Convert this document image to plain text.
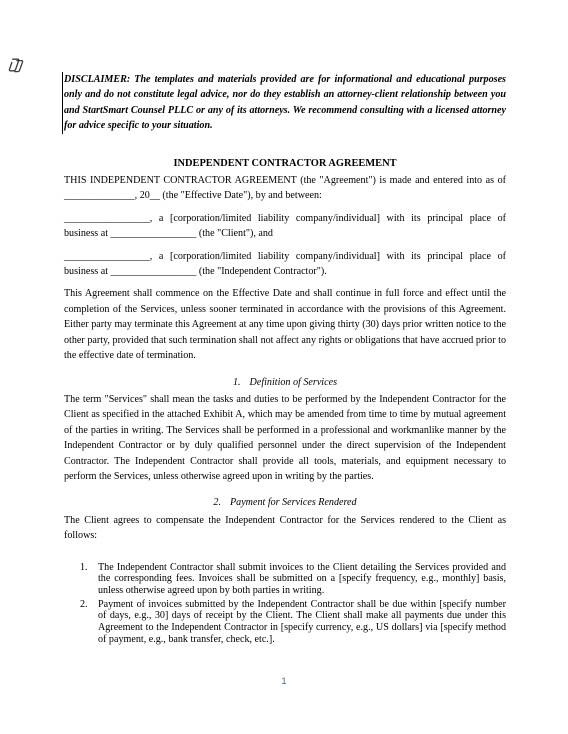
DISCLAIMER: The templates and materials provided are for informational and educational purposes only and do not constitute legal advice, nor do they establish an attorney-client relationship between you and StartSmart Counsel PLLC or any of its attorneys. We recommend consulting with a licensed attorney for advice specific to your situation.

INDEPENDENT CONTRACTOR AGREEMENT

THIS INDEPENDENT CONTRACTOR AGREEMENT (the "Agreement") is made and entered into as of ______________, 20__ (the "Effective Date"), by and between:

_________________, a [corporation/limited liability company/individual] with its principal place of business at _________________ (the "Client"), and

_________________, a [corporation/limited liability company/individual] with its principal place of business at _________________ (the "Independent Contractor").

This Agreement shall commence on the Effective Date and shall continue in full force and effect until the completion of the Services, unless sooner terminated in accordance with the provisions of this Agreement. Either party may terminate this Agreement at any time upon giving thirty (30) days prior written notice to the other party, provided that such termination shall not affect any rights or obligations that have accrued prior to the effective date of termination.

1. Definition of Services

The term "Services" shall mean the tasks and duties to be performed by the Independent Contractor for the Client as specified in the attached Exhibit A, which may be amended from time to time by mutual agreement of the parties in writing. The Services shall be performed in a professional and workmanlike manner by the Independent Contractor or by duly qualified personnel under the direct supervision of the Independent Contractor. The Independent Contractor shall provide all tools, materials, and equipment necessary to perform the Services, unless otherwise agreed upon in writing by the parties.

2. Payment for Services Rendered

The Client agrees to compensate the Independent Contractor for the Services rendered to the Client as follows:

1. The Independent Contractor shall submit invoices to the Client detailing the Services provided and the corresponding fees. Invoices shall be submitted on a [specify frequency, e.g., monthly] basis, unless otherwise agreed upon by both parties in writing.
2. Payment of invoices submitted by the Independent Contractor shall be due within [specify number of days, e.g., 30] days of receipt by the Client. The Client shall make all payments due under this Agreement to the Independent Contractor in [specify currency, e.g., US dollars] via [specify method of payment, e.g., bank transfer, check, etc.].
1
